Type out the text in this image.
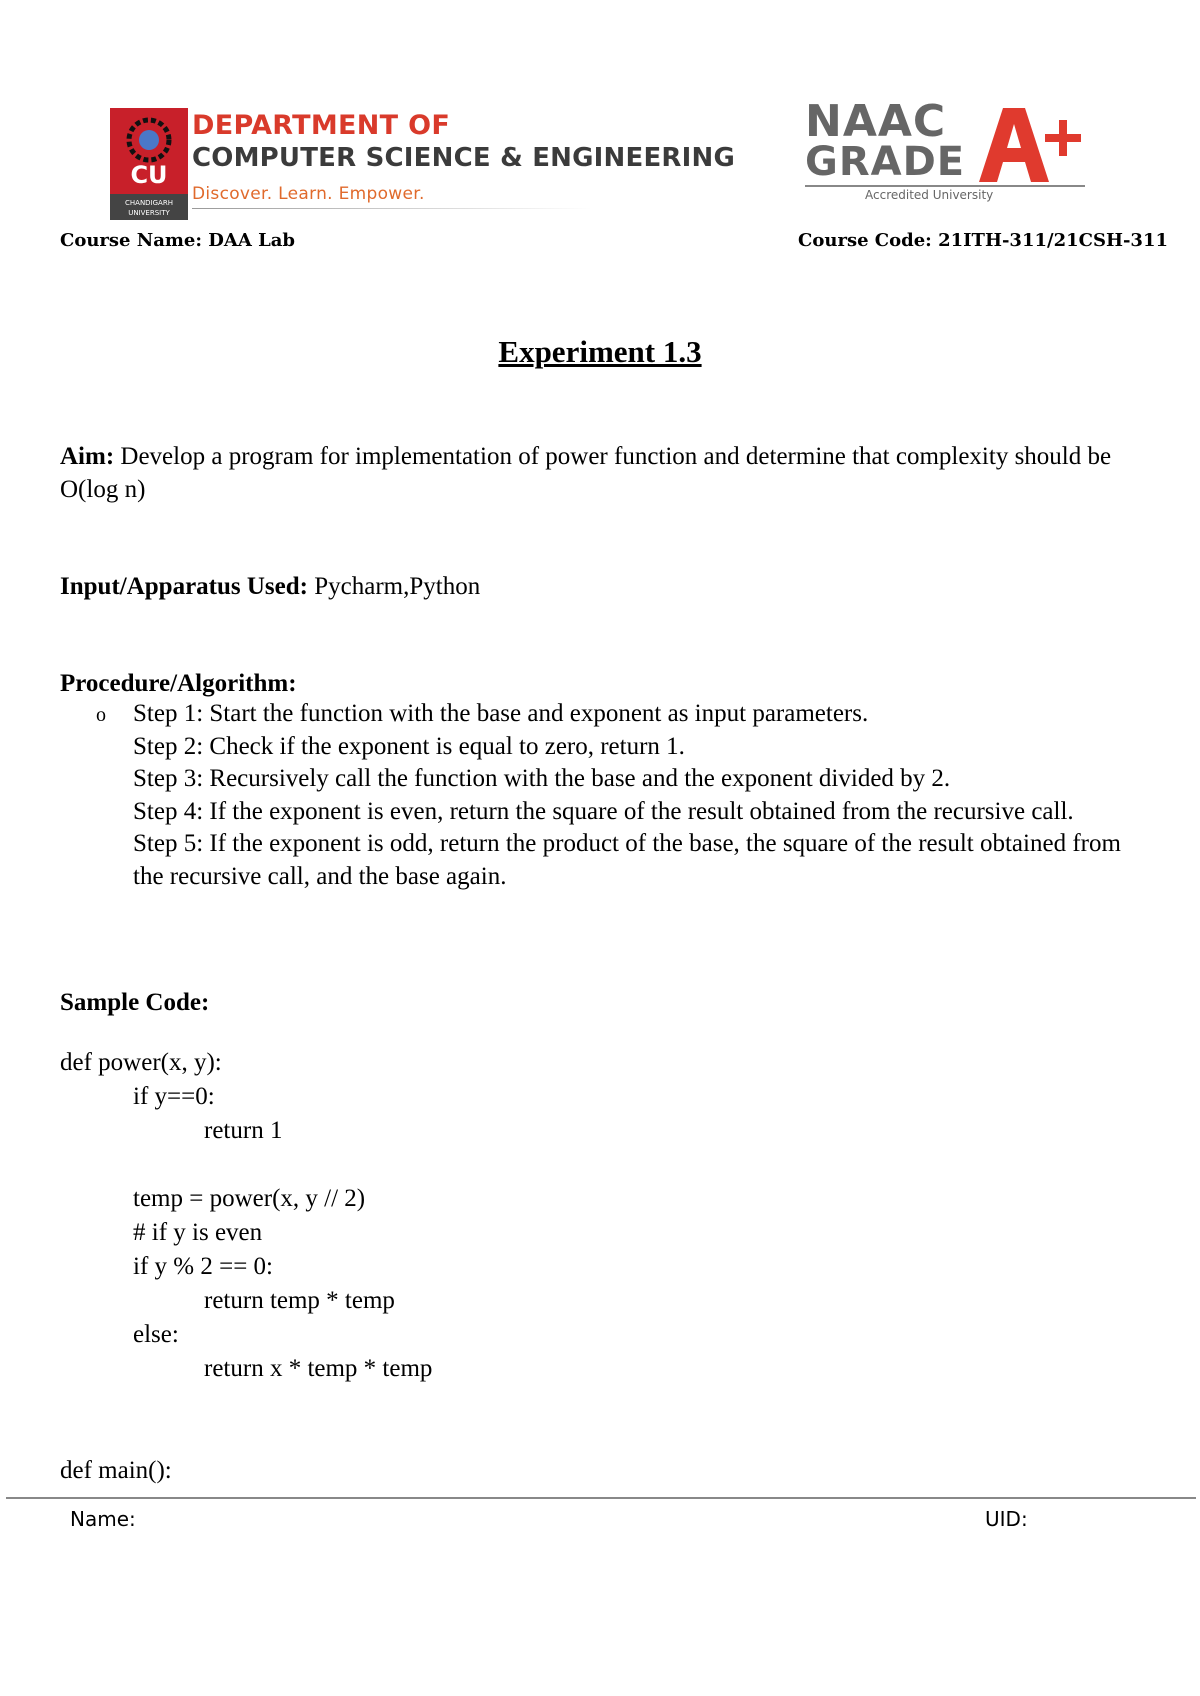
CU
CHANDIGARH
UNIVERSITY
DEPARTMENT OF
COMPUTER SCIENCE & ENGINEERING
Discover. Learn. Empower.
NAAC
GRADE
Accredited University
Course Name: DAA Lab	Course Code: 21ITH-311/21CSH-311
Experiment 1.3
Aim: Develop a program for implementation of power function and determine that complexity should be O(log n)
Input/Apparatus Used: Pycharm,Python
Procedure/Algorithm:
o Step 1: Start the function with the base and exponent as input parameters.
Step 2: Check if the exponent is equal to zero, return 1.
Step 3: Recursively call the function with the base and the exponent divided by 2.
Step 4: If the exponent is even, return the square of the result obtained from the recursive call.
Step 5: If the exponent is odd, return the product of the base, the square of the result obtained from the recursive call, and the base again.
Sample Code:
def power(x, y):
if y==0:
return 1
temp = power(x, y // 2)
# if y is even
if y % 2 == 0:
return temp * temp
else:
return x * temp * temp
def main():
Name:	UID:
